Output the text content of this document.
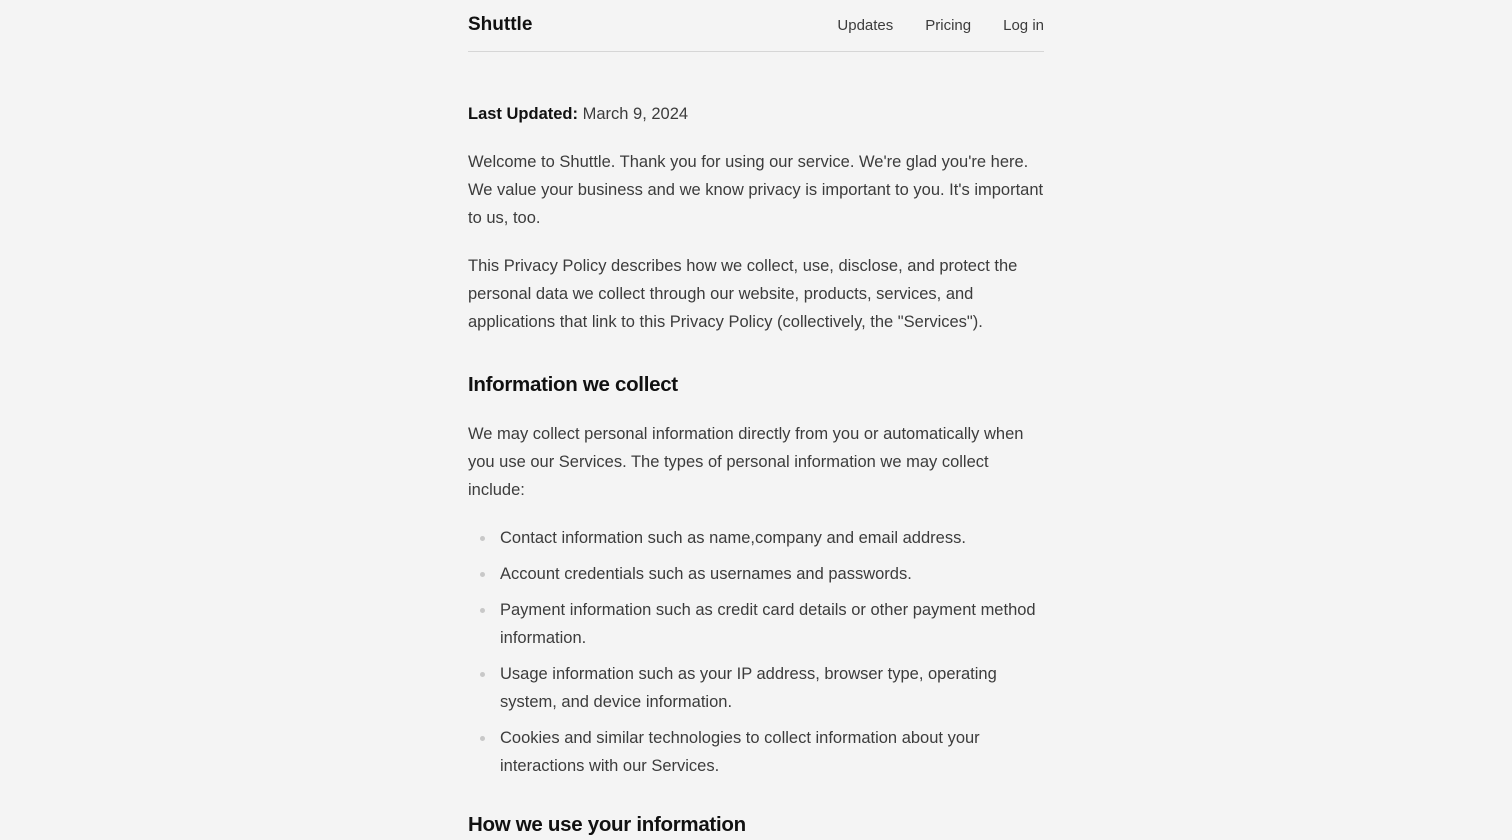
Shuttle	Updates Pricing Log in

Last Updated: March 9, 2024

Welcome to Shuttle. Thank you for using our service. We're glad you're here. We value your business and we know privacy is important to you. It's important to us, too.

This Privacy Policy describes how we collect, use, disclose, and protect the personal data we collect through our website, products, services, and applications that link to this Privacy Policy (collectively, the "Services").

Information we collect

We may collect personal information directly from you or automatically when you use our Services. The types of personal information we may collect include:

Contact information such as name,company and email address.
Account credentials such as usernames and passwords.
Payment information such as credit card details or other payment method information.
Usage information such as your IP address, browser type, operating system, and device information.
Cookies and similar technologies to collect information about your interactions with our Services.
How we use your information
